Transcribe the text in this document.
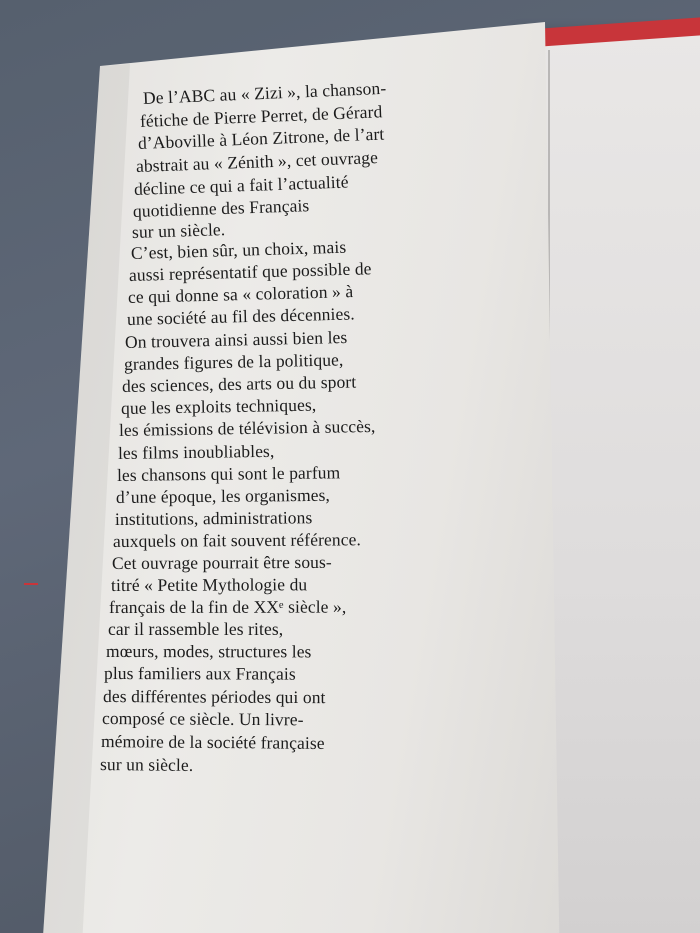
De l’ABC au « Zizi », la chanson-
fétiche de Pierre Perret, de Gérard
d’Aboville à Léon Zitrone, de l’art
abstrait au « Zénith », cet ouvrage
décline ce qui a fait l’actualité
quotidienne des Français
sur un siècle.
C’est, bien sûr, un choix, mais
aussi représentatif que possible de
ce qui donne sa « coloration » à
une société au fil des décennies.
On trouvera ainsi aussi bien les
grandes figures de la politique,
des sciences, des arts ou du sport
que les exploits techniques,
les émissions de télévision à succès,
les films inoubliables,
les chansons qui sont le parfum
d’une époque, les organismes,
institutions, administrations
auxquels on fait souvent référence.
Cet ouvrage pourrait être sous-
titré « Petite Mythologie du
français de la fin de XXᵉ siècle »,
car il rassemble les rites,
mœurs, modes, structures les
plus familiers aux Français
des différentes périodes qui ont
composé ce siècle. Un livre-
mémoire de la société française
sur un siècle.
